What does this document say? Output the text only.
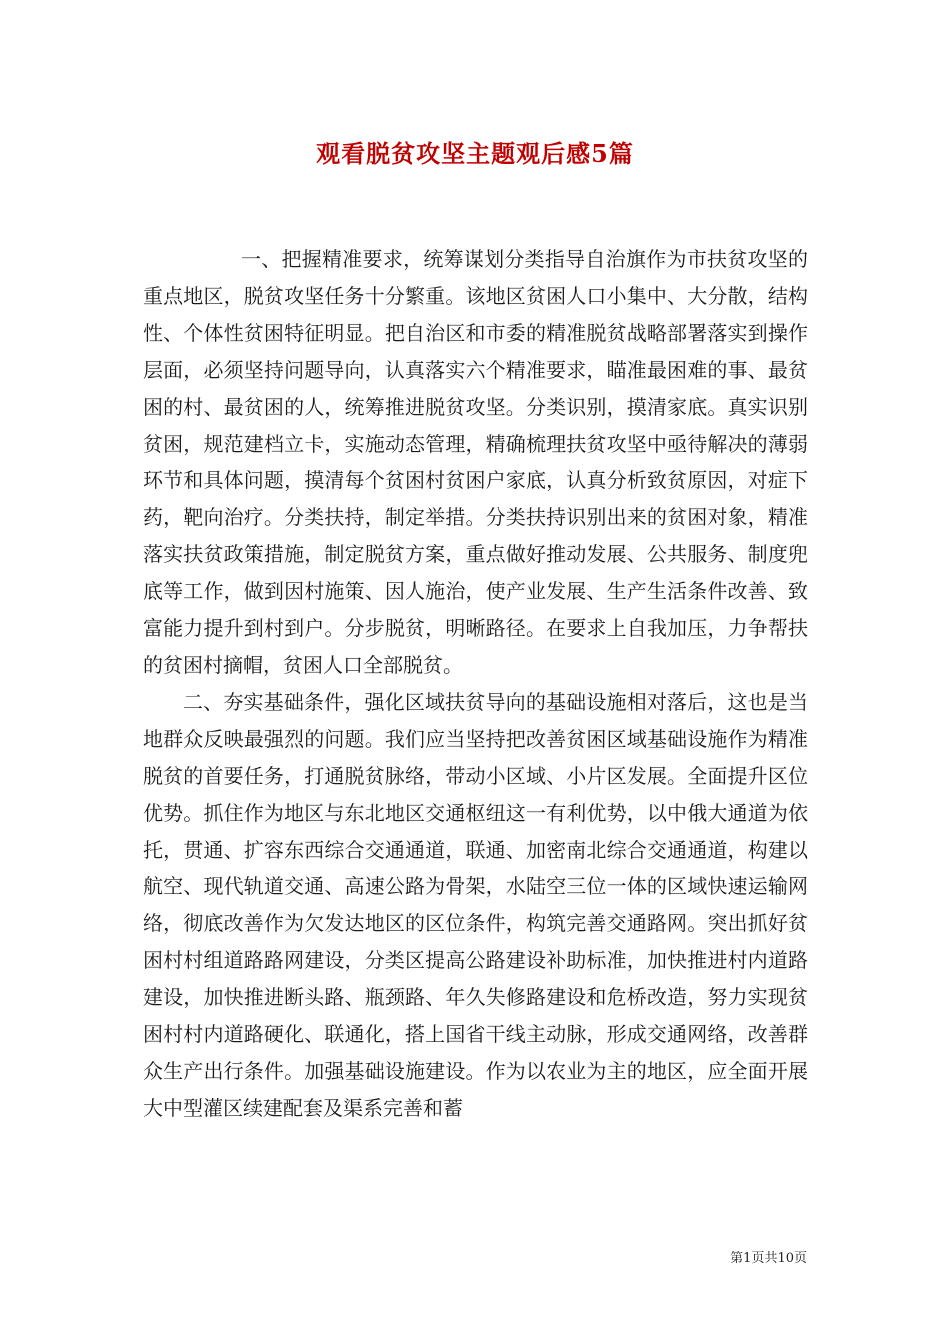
观看脱贫攻坚主题观后感5篇

一、把握精准要求，统筹谋划分类指导自治旗作为市扶贫攻坚的重点地区，脱贫攻坚任务十分繁重。该地区贫困人口小集中、大分散，结构性、个体性贫困特征明显。把自治区和市委的精准脱贫战略部署落实到操作层面，必须坚持问题导向，认真落实六个精准要求，瞄准最困难的事、最贫困的村、最贫困的人，统筹推进脱贫攻坚。分类识别，摸清家底。真实识别贫困，规范建档立卡，实施动态管理，精确梳理扶贫攻坚中亟待解决的薄弱环节和具体问题，摸清每个贫困村贫困户家底，认真分析致贫原因，对症下药，靶向治疗。分类扶持，制定举措。分类扶持识别出来的贫困对象，精准落实扶贫政策措施，制定脱贫方案，重点做好推动发展、公共服务、制度兜底等工作，做到因村施策、因人施治，使产业发展、生产生活条件改善、致富能力提升到村到户。分步脱贫，明晰路径。在要求上自我加压，力争帮扶的贫困村摘帽，贫困人口全部脱贫。

二、夯实基础条件，强化区域扶贫导向的基础设施相对落后，这也是当地群众反映最强烈的问题。我们应当坚持把改善贫困区域基础设施作为精准脱贫的首要任务，打通脱贫脉络，带动小区域、小片区发展。全面提升区位优势。抓住作为地区与东北地区交通枢纽这一有利优势，以中俄大通道为依托，贯通、扩容东西综合交通通道，联通、加密南北综合交通通道，构建以航空、现代轨道交通、高速公路为骨架，水陆空三位一体的区域快速运输网络，彻底改善作为欠发达地区的区位条件，构筑完善交通路网。突出抓好贫困村村组道路路网建设，分类区提高公路建设补助标准，加快推进村内道路建设，加快推进断头路、瓶颈路、年久失修路建设和危桥改造，努力实现贫困村村内道路硬化、联通化，搭上国省干线主动脉，形成交通网络，改善群众生产出行条件。加强基础设施建设。作为以农业为主的地区，应全面开展大中型灌区续建配套及渠系完善和蓄

第1页共10页
